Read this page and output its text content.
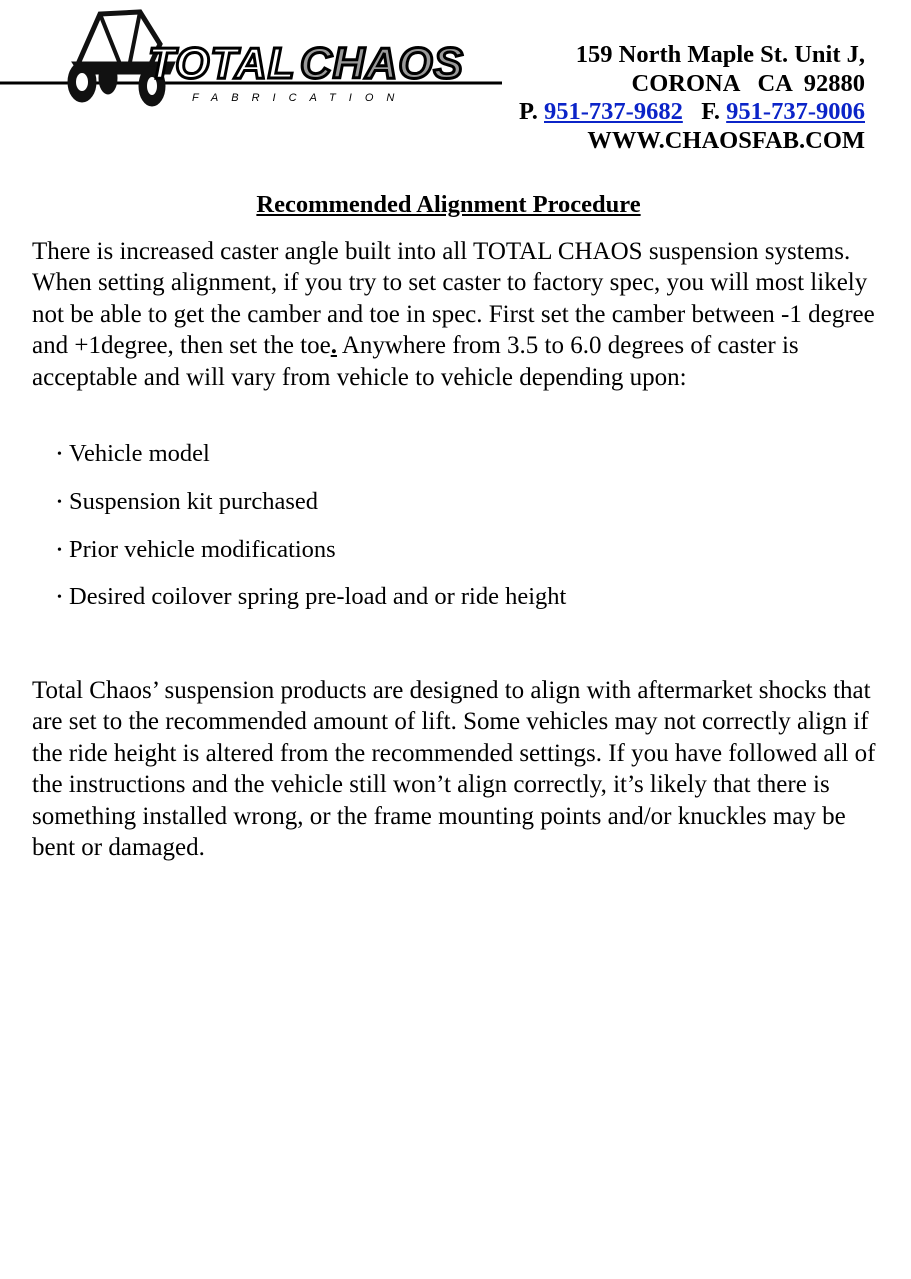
TOTAL CHAOS
FABRICATION
159 North Maple St. Unit J,
CORONA   CA  92880
P. 951-737-9682 F. 951-737-9006
WWW.CHAOSFAB.COM
Recommended Alignment Procedure

There is increased caster angle built into all TOTAL CHAOS suspension systems. When setting alignment, if you try to set caster to factory spec, you will most likely not be able to get the camber and toe in spec. First set the camber between -1 degree and +1degree, then set the toe. Anywhere from 3.5 to 6.0 degrees of caster is acceptable and will vary from vehicle to vehicle depending upon:

• Vehicle model
• Suspension kit purchased
• Prior vehicle modifications
• Desired coilover spring pre-load and or ride height

Total Chaos’ suspension products are designed to align with aftermarket shocks that are set to the recommended amount of lift. Some vehicles may not correctly align if the ride height is altered from the recommended settings. If you have followed all of the instructions and the vehicle still won’t align correctly, it’s likely that there is something installed wrong, or the frame mounting points and/or knuckles may be bent or damaged.
